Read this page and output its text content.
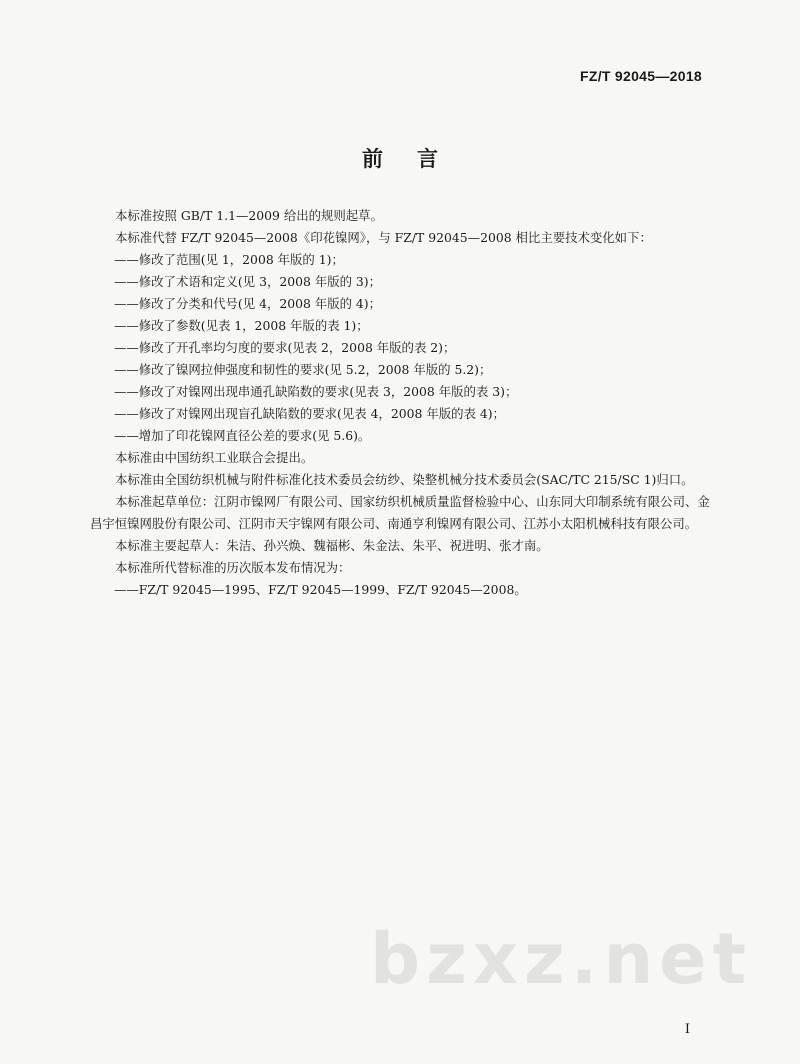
FZ/T 92045—2018
前言

本标准按照 GB/T 1.1—2009 给出的规则起草。

本标准代替 FZ/T 92045—2008《印花镍网》，与 FZ/T 92045—2008 相比主要技术变化如下：

——修改了范围(见 1，2008 年版的 1)；

——修改了术语和定义(见 3，2008 年版的 3)；

——修改了分类和代号(见 4，2008 年版的 4)；

——修改了参数(见表 1，2008 年版的表 1)；

——修改了开孔率均匀度的要求(见表 2，2008 年版的表 2)；

——修改了镍网拉伸强度和韧性的要求(见 5.2，2008 年版的 5.2)；

——修改了对镍网出现串通孔缺陷数的要求(见表 3，2008 年版的表 3)；

——修改了对镍网出现盲孔缺陷数的要求(见表 4，2008 年版的表 4)；

——增加了印花镍网直径公差的要求(见 5.6)。

本标准由中国纺织工业联合会提出。

本标准由全国纺织机械与附件标准化技术委员会纺纱、染整机械分技术委员会(SAC/TC 215/SC 1)归口。

本标准起草单位：江阴市镍网厂有限公司、国家纺织机械质量监督检验中心、山东同大印制系统有限公司、金昌宇恒镍网股份有限公司、江阴市天宇镍网有限公司、南通亨利镍网有限公司、江苏小太阳机械科技有限公司。

本标准主要起草人：朱洁、孙兴焕、魏福彬、朱金法、朱平、祝进明、张才南。

本标准所代替标准的历次版本发布情况为：

——FZ/T 92045—1995、FZ/T 92045—1999、FZ/T 92045—2008。

bzxz.net
I
